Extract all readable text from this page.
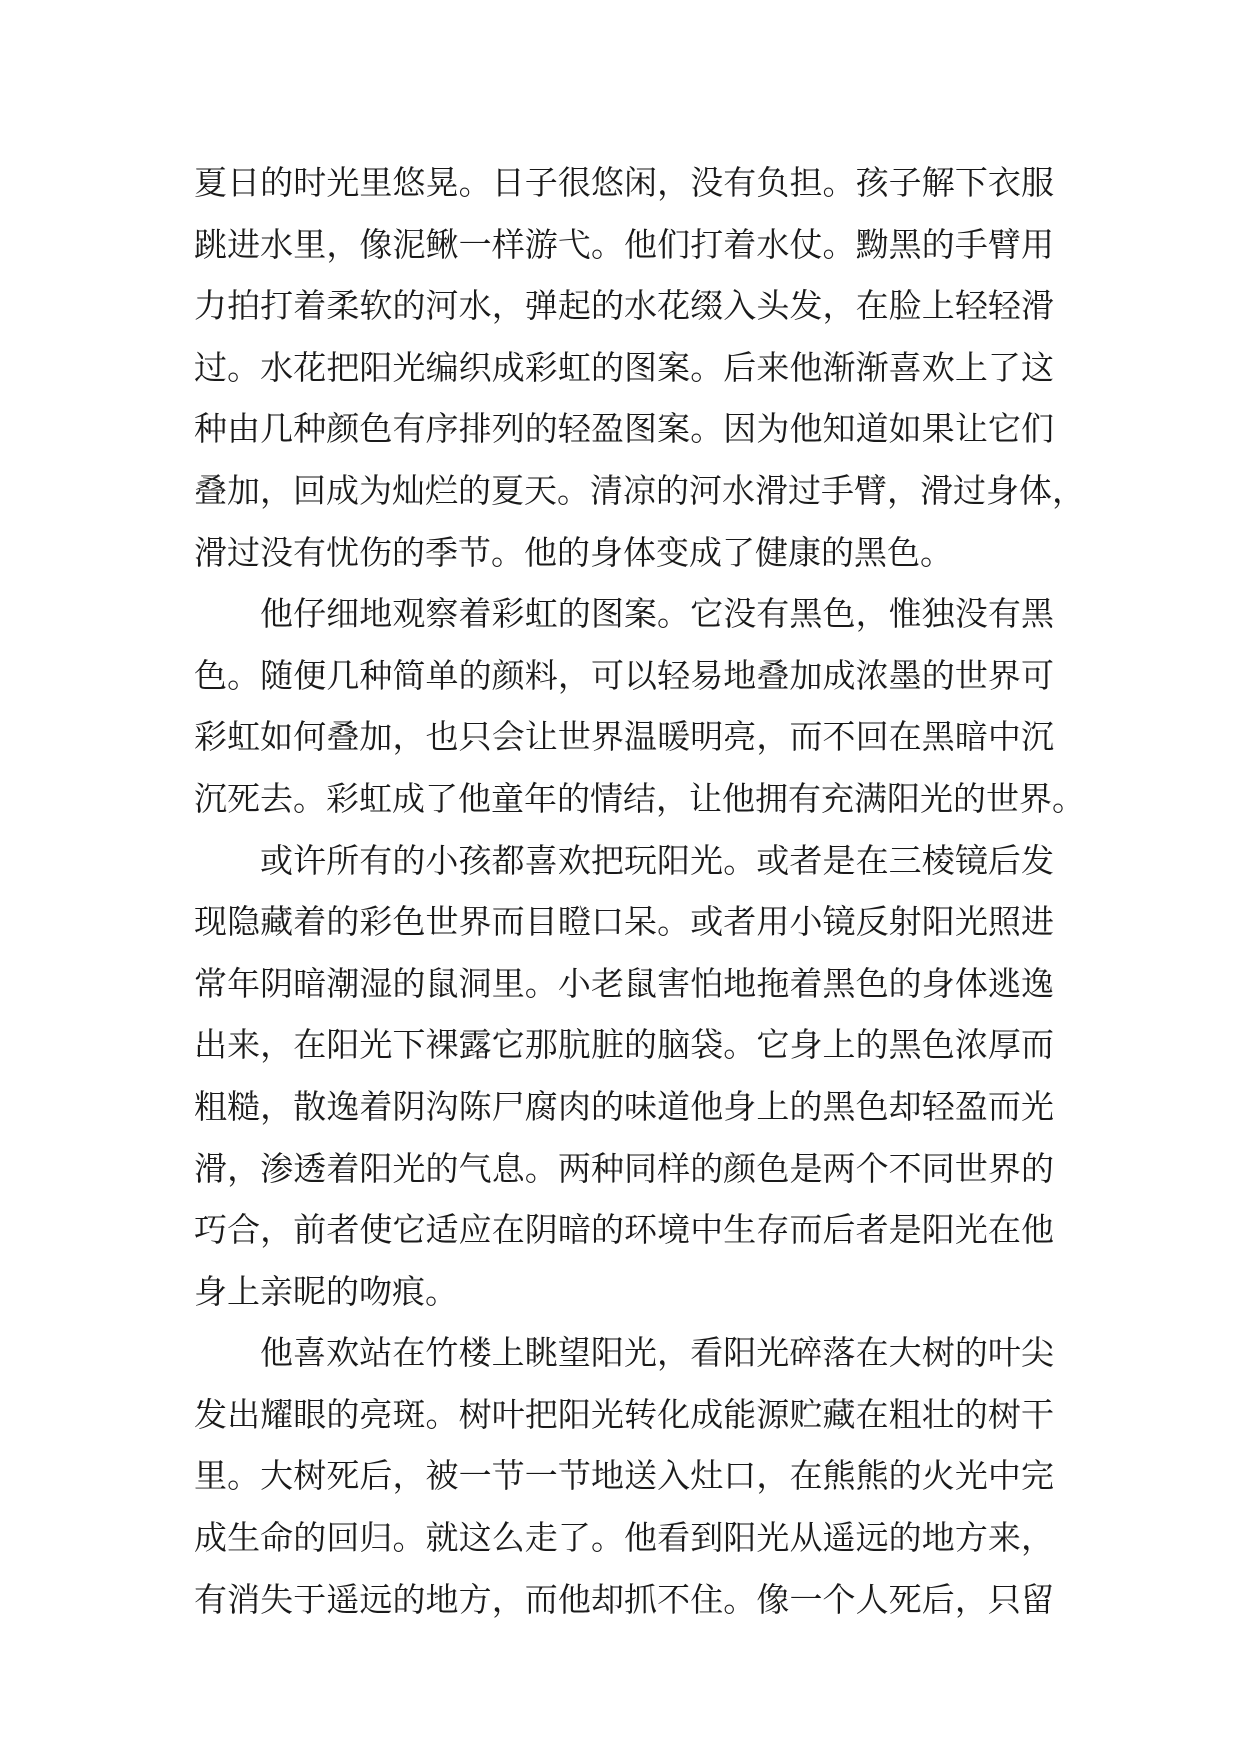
夏日的时光里悠晃。日子很悠闲，没有负担。孩子解下衣服
跳进水里，像泥鳅一样游弋。他们打着水仗。黝黑的手臂用
力拍打着柔软的河水，弹起的水花缀入头发，在脸上轻轻滑
过。水花把阳光编织成彩虹的图案。后来他渐渐喜欢上了这
种由几种颜色有序排列的轻盈图案。因为他知道如果让它们
叠加，回成为灿烂的夏天。清凉的河水滑过手臂，滑过身体，
滑过没有忧伤的季节。他的身体变成了健康的黑色。
他仔细地观察着彩虹的图案。它没有黑色，惟独没有黑
色。随便几种简单的颜料，可以轻易地叠加成浓墨的世界可
彩虹如何叠加，也只会让世界温暖明亮，而不回在黑暗中沉
沉死去。彩虹成了他童年的情结，让他拥有充满阳光的世界。
或许所有的小孩都喜欢把玩阳光。或者是在三棱镜后发
现隐藏着的彩色世界而目瞪口呆。或者用小镜反射阳光照进
常年阴暗潮湿的鼠洞里。小老鼠害怕地拖着黑色的身体逃逸
出来，在阳光下裸露它那肮脏的脑袋。它身上的黑色浓厚而
粗糙，散逸着阴沟陈尸腐肉的味道他身上的黑色却轻盈而光
滑，渗透着阳光的气息。两种同样的颜色是两个不同世界的
巧合，前者使它适应在阴暗的环境中生存而后者是阳光在他
身上亲昵的吻痕。
他喜欢站在竹楼上眺望阳光，看阳光碎落在大树的叶尖
发出耀眼的亮斑。树叶把阳光转化成能源贮藏在粗壮的树干
里。大树死后，被一节一节地送入灶口，在熊熊的火光中完
成生命的回归。就这么走了。他看到阳光从遥远的地方来，
有消失于遥远的地方，而他却抓不住。像一个人死后，只留
